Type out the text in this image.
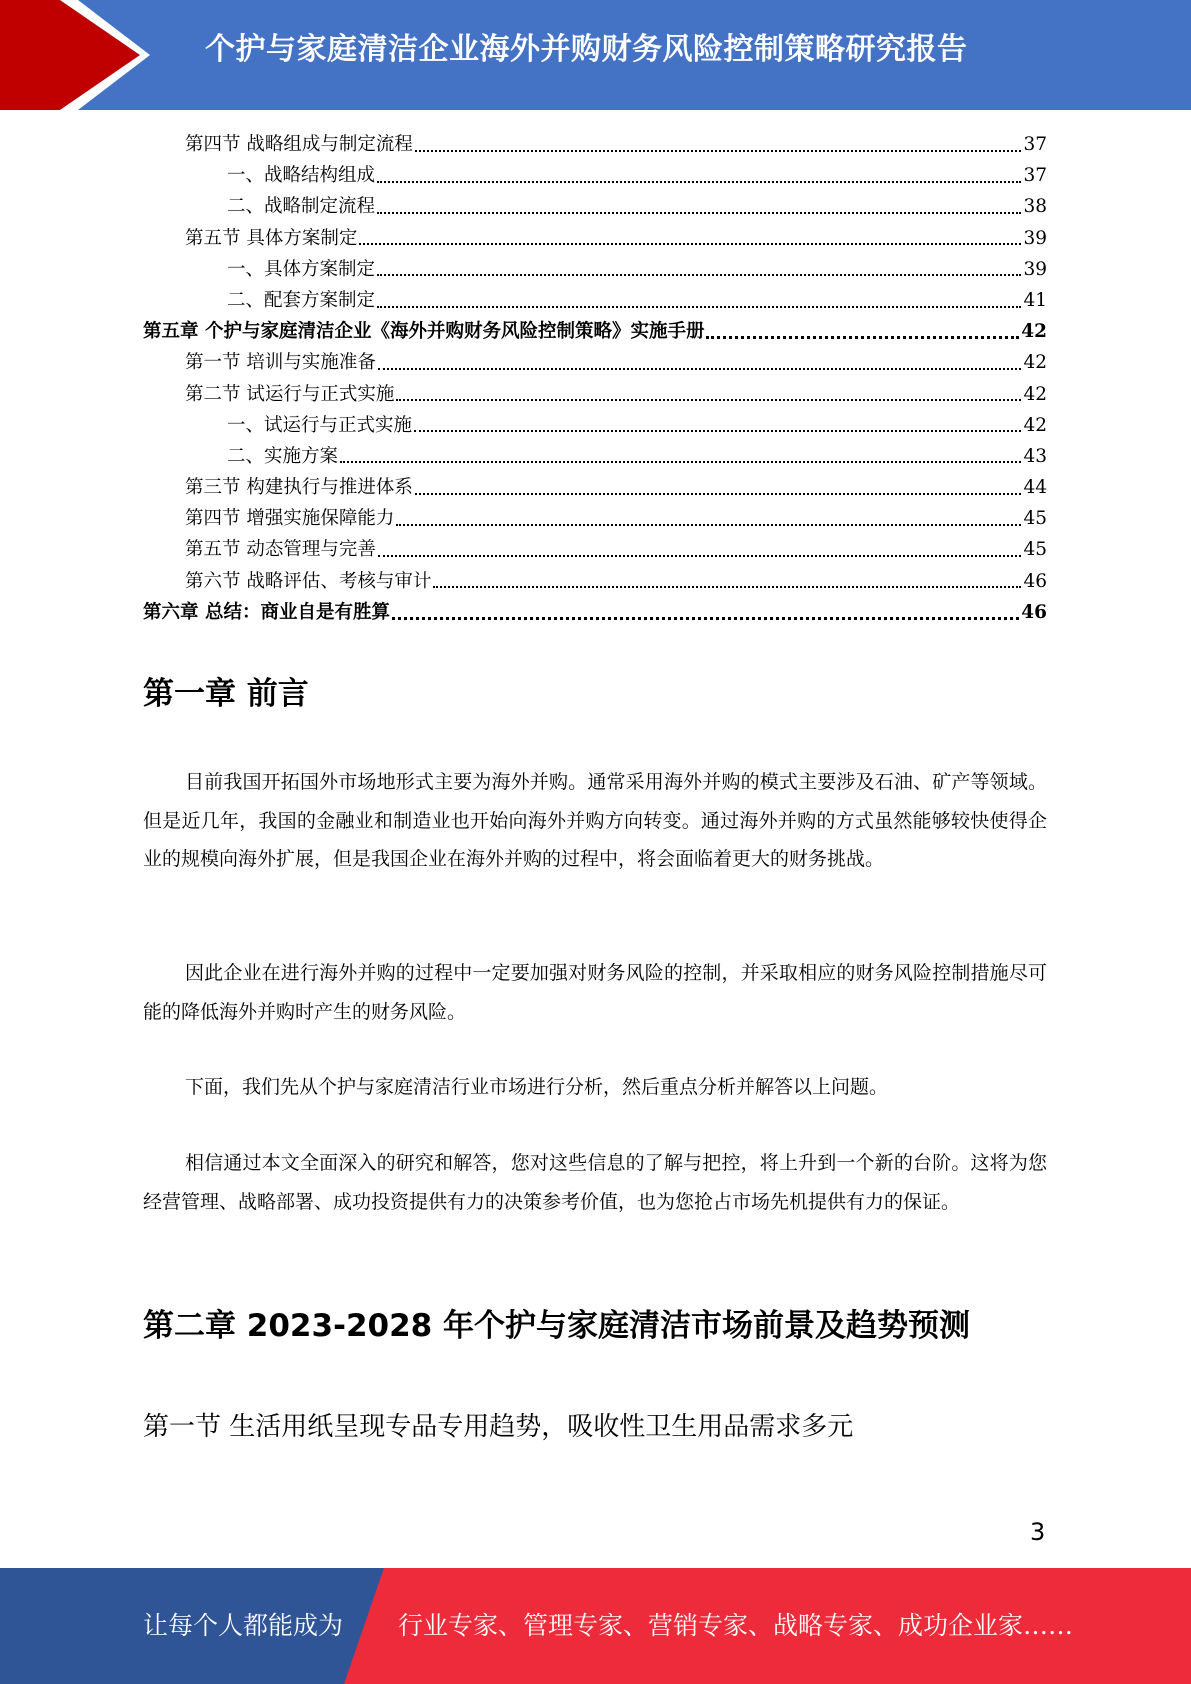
个护与家庭清洁企业海外并购财务风险控制策略研究报告
第四节 战略组成与制定流程	37
一、战略结构组成	37
二、战略制定流程	38
第五节 具体方案制定	39
一、具体方案制定	39
二、配套方案制定	41
第五章 个护与家庭清洁企业《海外并购财务风险控制策略》实施手册	42
第一节 培训与实施准备	42
第二节 试运行与正式实施	42
一、试运行与正式实施	42
二、实施方案	43
第三节 构建执行与推进体系	44
第四节 增强实施保障能力	45
第五节 动态管理与完善	45
第六节 战略评估、考核与审计	46
第六章 总结：商业自是有胜算	46
第一章 前言
目前我国开拓国外市场地形式主要为海外并购。通常采用海外并购的模式主要涉及石油、矿产等领域。但是近几年，我国的金融业和制造业也开始向海外并购方向转变。通过海外并购的方式虽然能够较快使得企业的规模向海外扩展，但是我国企业在海外并购的过程中，将会面临着更大的财务挑战。
因此企业在进行海外并购的过程中一定要加强对财务风险的控制，并采取相应的财务风险控制措施尽可能的降低海外并购时产生的财务风险。
下面，我们先从个护与家庭清洁行业市场进行分析，然后重点分析并解答以上问题。
相信通过本文全面深入的研究和解答，您对这些信息的了解与把控，将上升到一个新的台阶。这将为您经营管理、战略部署、成功投资提供有力的决策参考价值，也为您抢占市场先机提供有力的保证。
第二章 2023-2028 年个护与家庭清洁市场前景及趋势预测
第一节 生活用纸呈现专品专用趋势，吸收性卫生用品需求多元
3
让每个人都能成为 行业专家、管理专家、营销专家、战略专家、成功企业家……
